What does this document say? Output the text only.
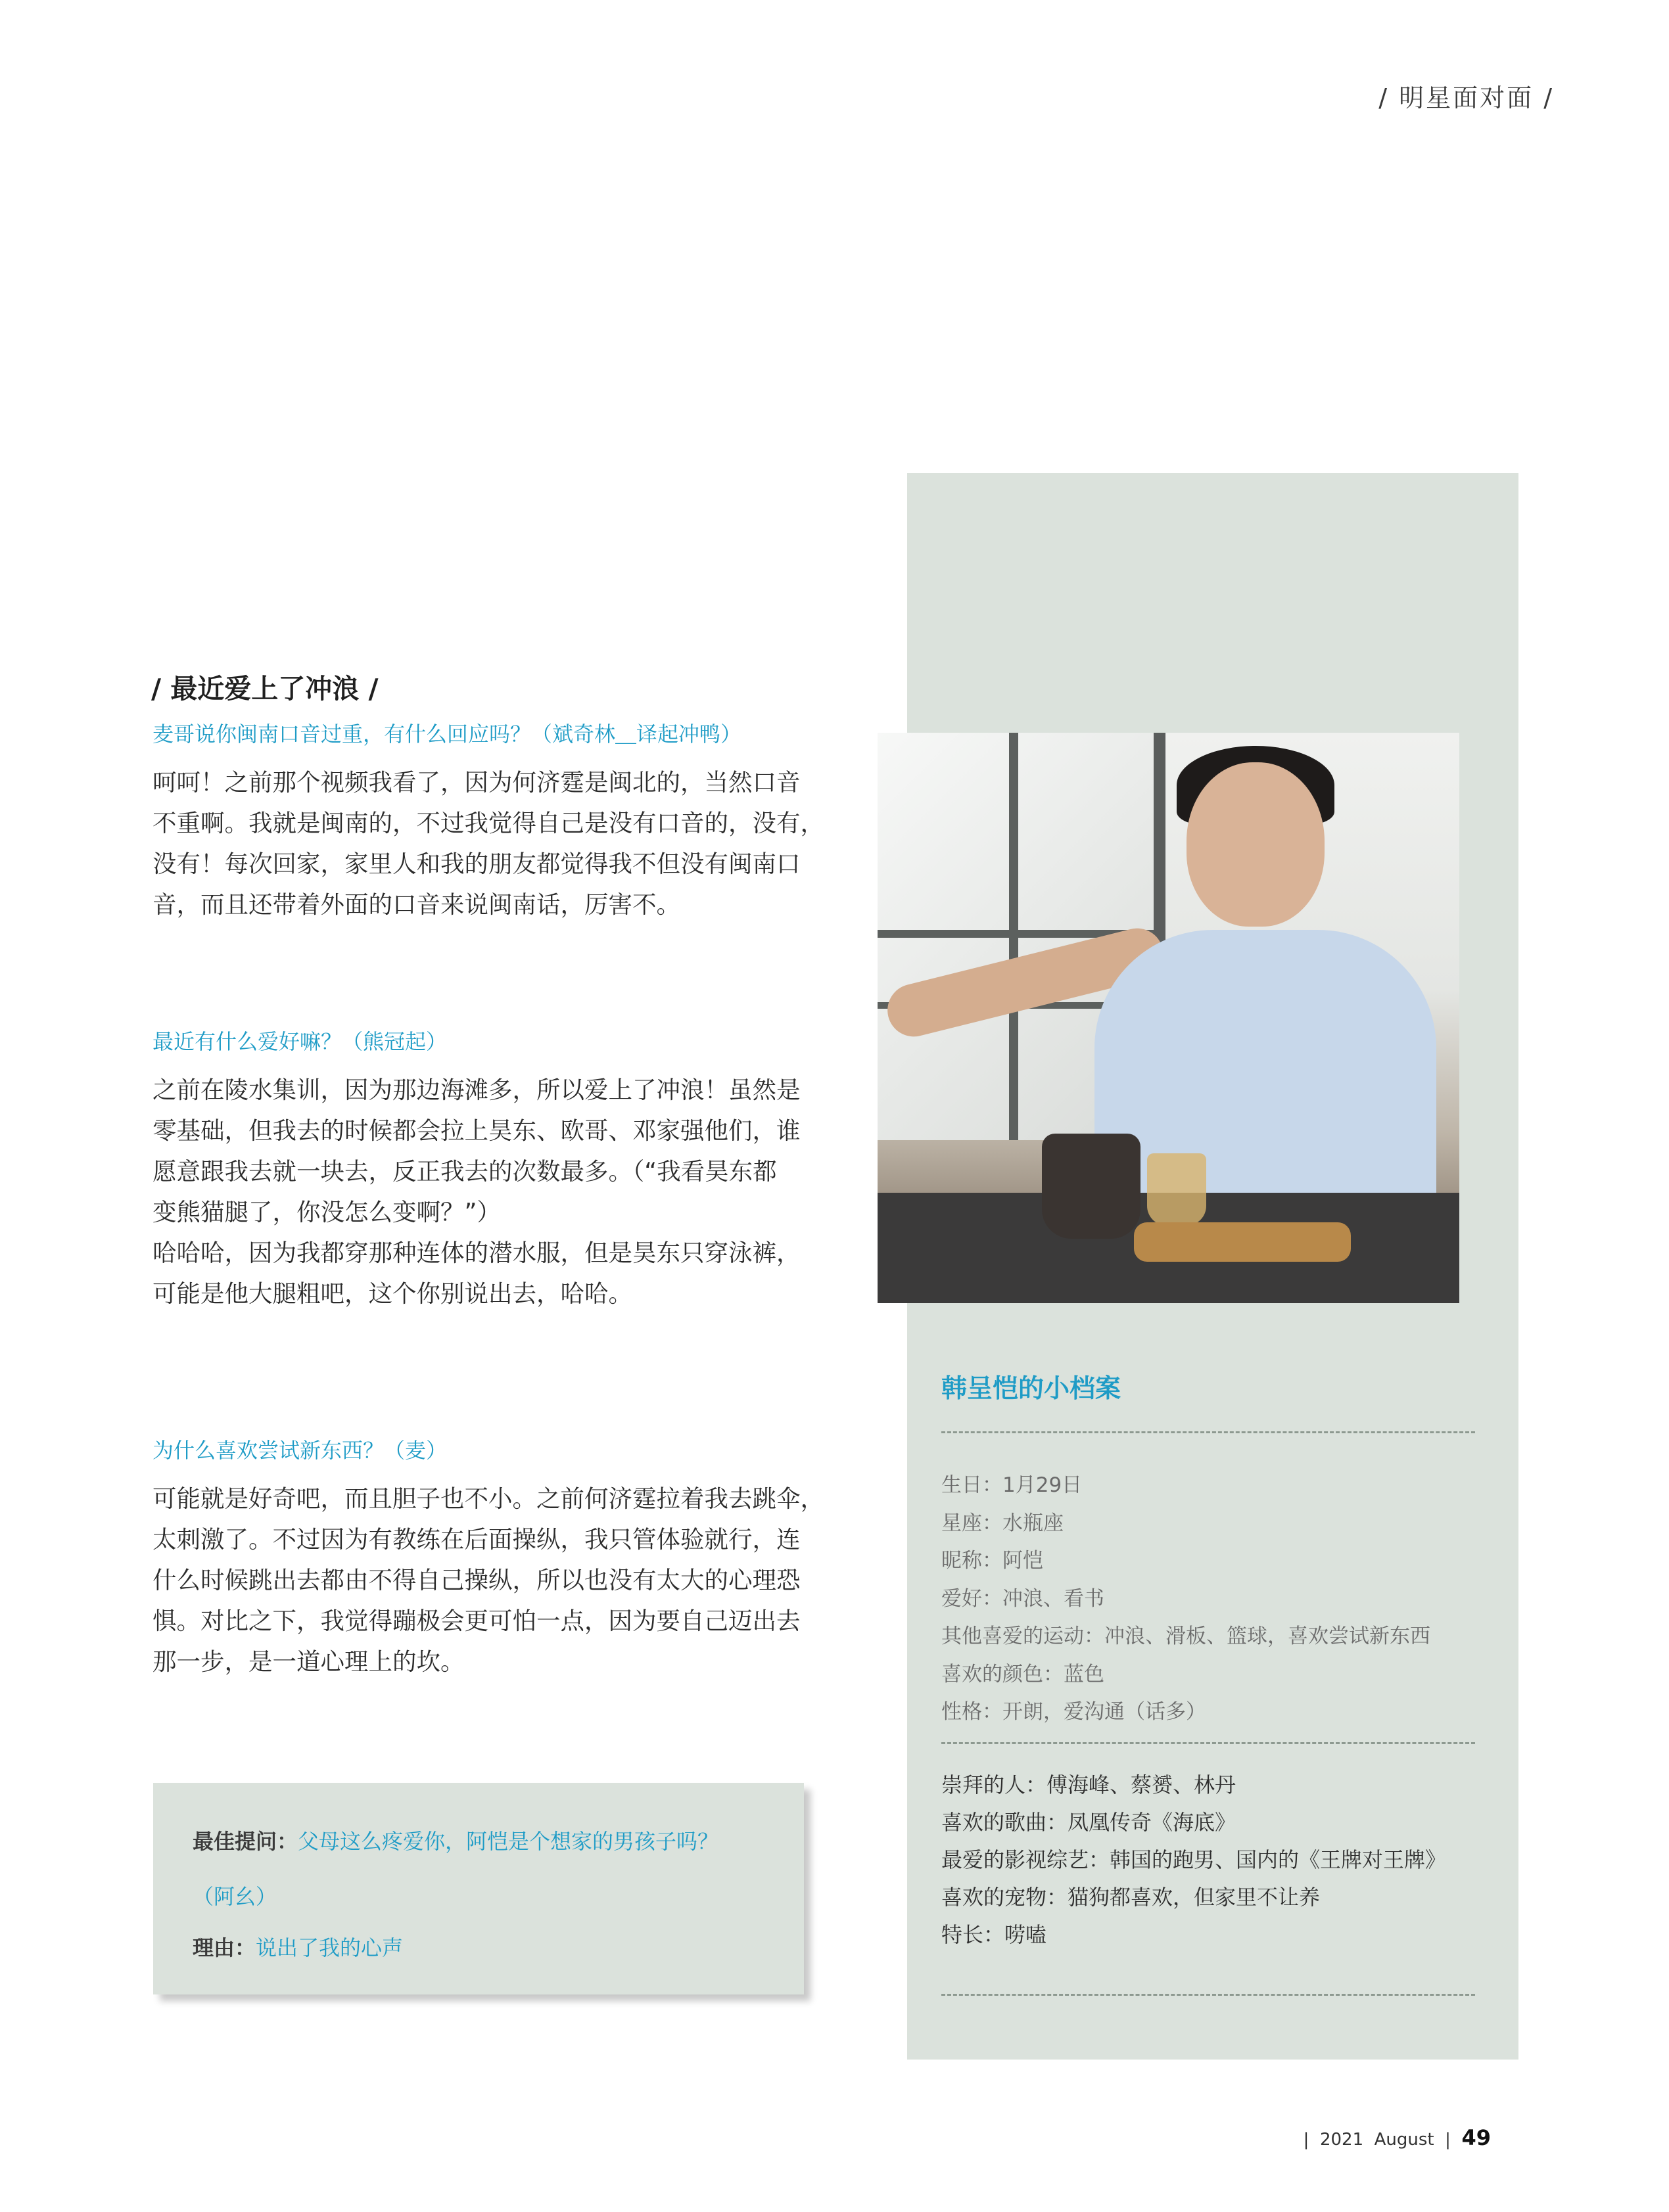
/ 明星面对面 /
韩呈恺的小档案
生日：1月29日
星座：水瓶座
昵称：阿恺
爱好：冲浪、看书
其他喜爱的运动：冲浪、滑板、篮球，喜欢尝试新东西
喜欢的颜色：蓝色
性格：开朗，爱沟通（话多）
崇拜的人：傅海峰、蔡赟、林丹
喜欢的歌曲：凤凰传奇《海底》
最爱的影视综艺：韩国的跑男、国内的《王牌对王牌》
喜欢的宠物：猫狗都喜欢，但家里不让养
特长：唠嗑
/ 最近爱上了冲浪 /
麦哥说你闽南口音过重，有什么回应吗？（斌奇林＿译起冲鸭）
呵呵！之前那个视频我看了，因为何济霆是闽北的，当然口音
不重啊。我就是闽南的，不过我觉得自己是没有口音的，没有，
没有！每次回家，家里人和我的朋友都觉得我不但没有闽南口
音，而且还带着外面的口音来说闽南话，厉害不。
最近有什么爱好嘛？（熊冠起）
之前在陵水集训，因为那边海滩多，所以爱上了冲浪！虽然是
零基础，但我去的时候都会拉上昊东、欧哥、邓家强他们，谁
愿意跟我去就一块去，反正我去的次数最多。（“我看昊东都
变熊猫腿了，你没怎么变啊？”）
哈哈哈，因为我都穿那种连体的潜水服，但是昊东只穿泳裤，
可能是他大腿粗吧，这个你别说出去，哈哈。
为什么喜欢尝试新东西？（麦）
可能就是好奇吧，而且胆子也不小。之前何济霆拉着我去跳伞，
太刺激了。不过因为有教练在后面操纵，我只管体验就行，连
什么时候跳出去都由不得自己操纵，所以也没有太大的心理恐
惧。对比之下，我觉得蹦极会更可怕一点，因为要自己迈出去
那一步，是一道心理上的坎。
最佳提问：父母这么疼爱你，阿恺是个想家的男孩子吗？
（阿幺）
理由：说出了我的心声
|  2021 August  |  49
